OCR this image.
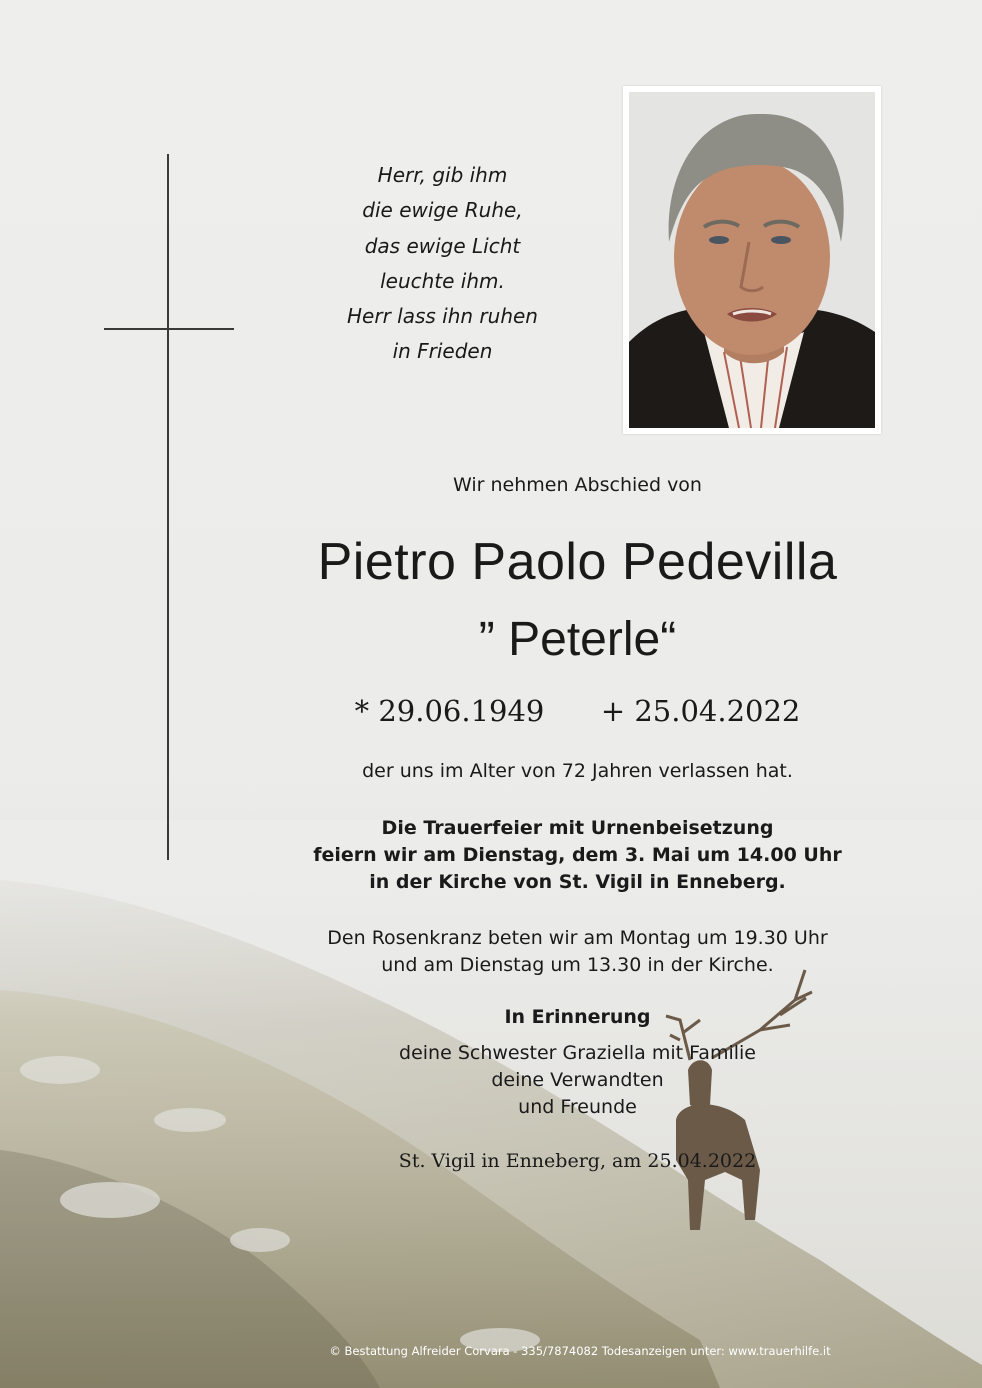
Herr, gib ihm
die ewige Ruhe,
das ewige Licht
leuchte ihm.
Herr lass ihn ruhen
in Frieden
Wir nehmen Abschied von
Pietro Paolo Pedevilla
” Peterle“
* 29.06.1949 + 25.04.2022
der uns im Alter von 72 Jahren verlassen hat.
Die Trauerfeier mit Urnenbeisetzung
feiern wir am Dienstag, dem 3. Mai um 14.00 Uhr
in der Kirche von St. Vigil in Enneberg.
Den Rosenkranz beten wir am Montag um 19.30 Uhr
und am Dienstag um 13.30 in der Kirche.
In Erinnerung
deine Schwester Graziella mit Familie
deine Verwandten
und Freunde
St. Vigil in Enneberg, am 25.04.2022
© Bestattung Alfreider Corvara - 335/7874082 Todesanzeigen unter: www.trauerhilfe.it
